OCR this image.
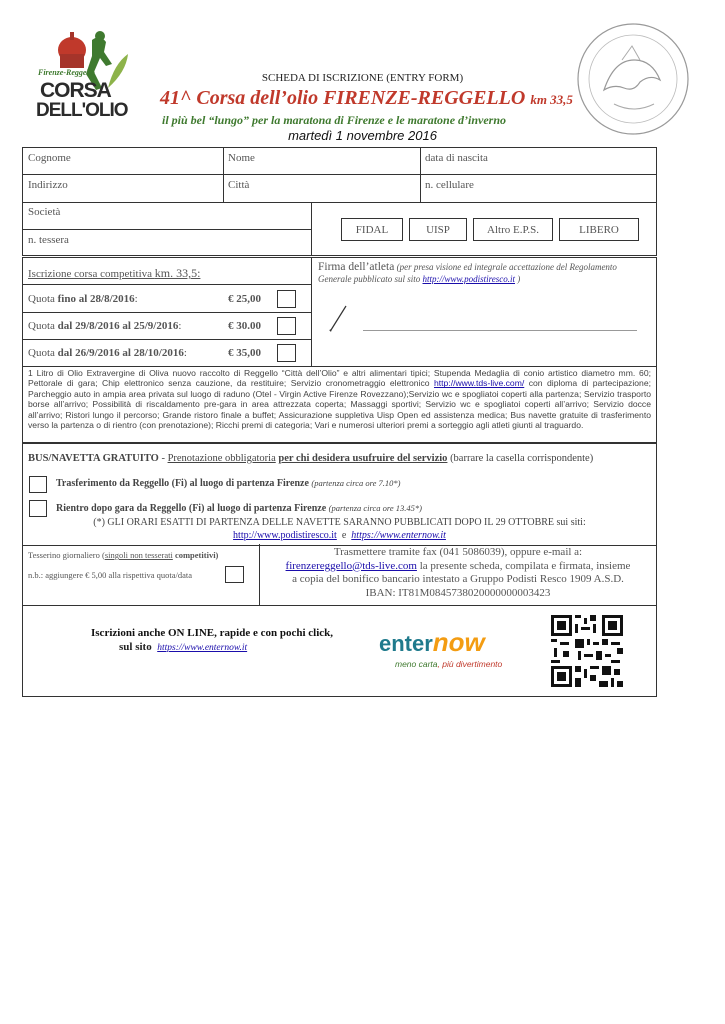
Firenze-Reggello
CORSA
DELL'OLIO
SCHEDA DI ISCRIZIONE (ENTRY FORM)
41^ Corsa dell’olio FIRENZE-REGGELLO km 33,5
il più bel “lungo” per la maratona di Firenze e le maratone d’inverno
martedì 1 novembre 2016
Cognome	Nome	data di nascita
Indirizzo	Città	n. cellulare
Società
n. tessera
FIDAL	UISP	Altro E.P.S.	LIBERO
Iscrizione corsa competitiva km. 33,5:
Quota fino al 28/8/2016:	€ 25,00
Quota dal 29/8/2016 al 25/9/2016:	€ 30.00
Quota dal 26/9/2016 al 28/10/2016:	€ 35,00
Firma dell’atleta (per presa visione ed integrale accettazione del Regolamento Generale pubblicato sul sito http://www.podistiresco.it )
1 Litro di Olio Extravergine di Oliva nuovo raccolto di Reggello “Città dell’Olio” e altri alimentari tipici; Stupenda Medaglia di conio artistico diametro mm. 60; Pettorale di gara; Chip elettronico senza cauzione, da restituire; Servizio cronometraggio elettronico http://www.tds-live.com/ con diploma di partecipazione; Parcheggio auto in ampia area privata sul luogo di raduno (Otel - Virgin Active Firenze Rovezzano);Servizio wc e spogliatoi coperti alla partenza; Servizio trasporto borse all’arrivo; Possibilità di riscaldamento pre-gara in area attrezzata coperta; Massaggi sportivi; Servizio wc e spogliatoi coperti all’arrivo; Servizio docce all’arrivo; Ristori lungo il percorso; Grande ristoro finale a buffet; Assicurazione suppletiva Uisp Open ed assistenza medica; Bus navette gratuite di trasferimento verso la partenza o di rientro (con prenotazione); Ricchi premi di categoria; Vari e numerosi ulteriori premi a sorteggio agli atleti giunti al traguardo.
BUS/NAVETTA GRATUITO - Prenotazione obbligatoria per chi desidera usufruire del servizio (barrare la casella corrispondente)
Trasferimento da Reggello (Fi) al luogo di partenza Firenze (partenza circa ore 7.10*)
Rientro dopo gara da Reggello (Fi) al luogo di partenza Firenze (partenza circa ore 13.45*)
(*) GLI ORARI ESATTI DI PARTENZA DELLE NAVETTE SARANNO PUBBLICATI DOPO IL 29 OTTOBRE sui siti:
http://www.podistiresco.it e https://www.enternow.it
Tesserino giornaliero (singoli non tesserati competitivi)
n.b.: aggiungere € 5,00 alla rispettiva quota/data
Trasmettere tramite fax (041 5086039), oppure e-mail a:
firenzereggello@tds-live.com la presente scheda, compilata e firmata, insieme
a copia del bonifico bancario intestato a Gruppo Podisti Resco 1909 A.S.D.
IBAN: IT81M0845738020000000003423
Iscrizioni anche ON LINE, rapide e con pochi click,
sul sito https://www.enternow.it	enternow
meno carta, più divertimento
